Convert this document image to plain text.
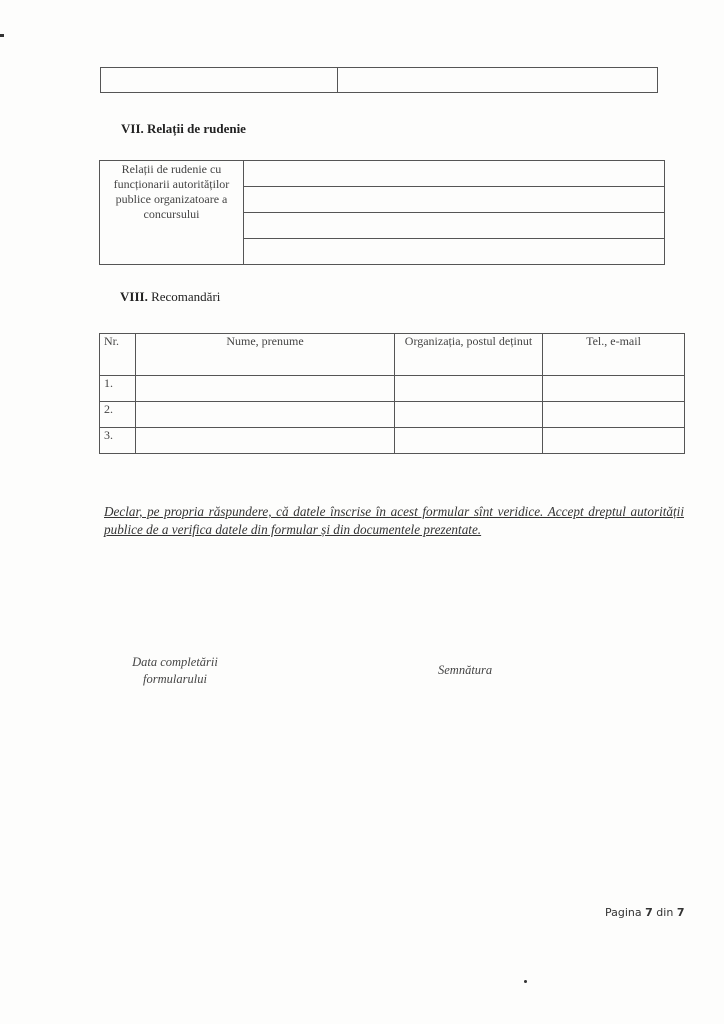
VII. Relații de rudenie
Relații de rudenie cu funcționarii autorităților publice organizatoare a concursului	

VIII. Recomandări
Nr.	Nume, prenume	Organizația, postul deținut	Tel., e-mail
1.			
2.			
3.			
Declar, pe propria răspundere, că datele înscrise în acest formular sînt veridice. Accept dreptul autorității publice de a verifica datele din formular și din documentele prezentate.
Data completării formularului
Semnătura
Pagina 7 din 7
